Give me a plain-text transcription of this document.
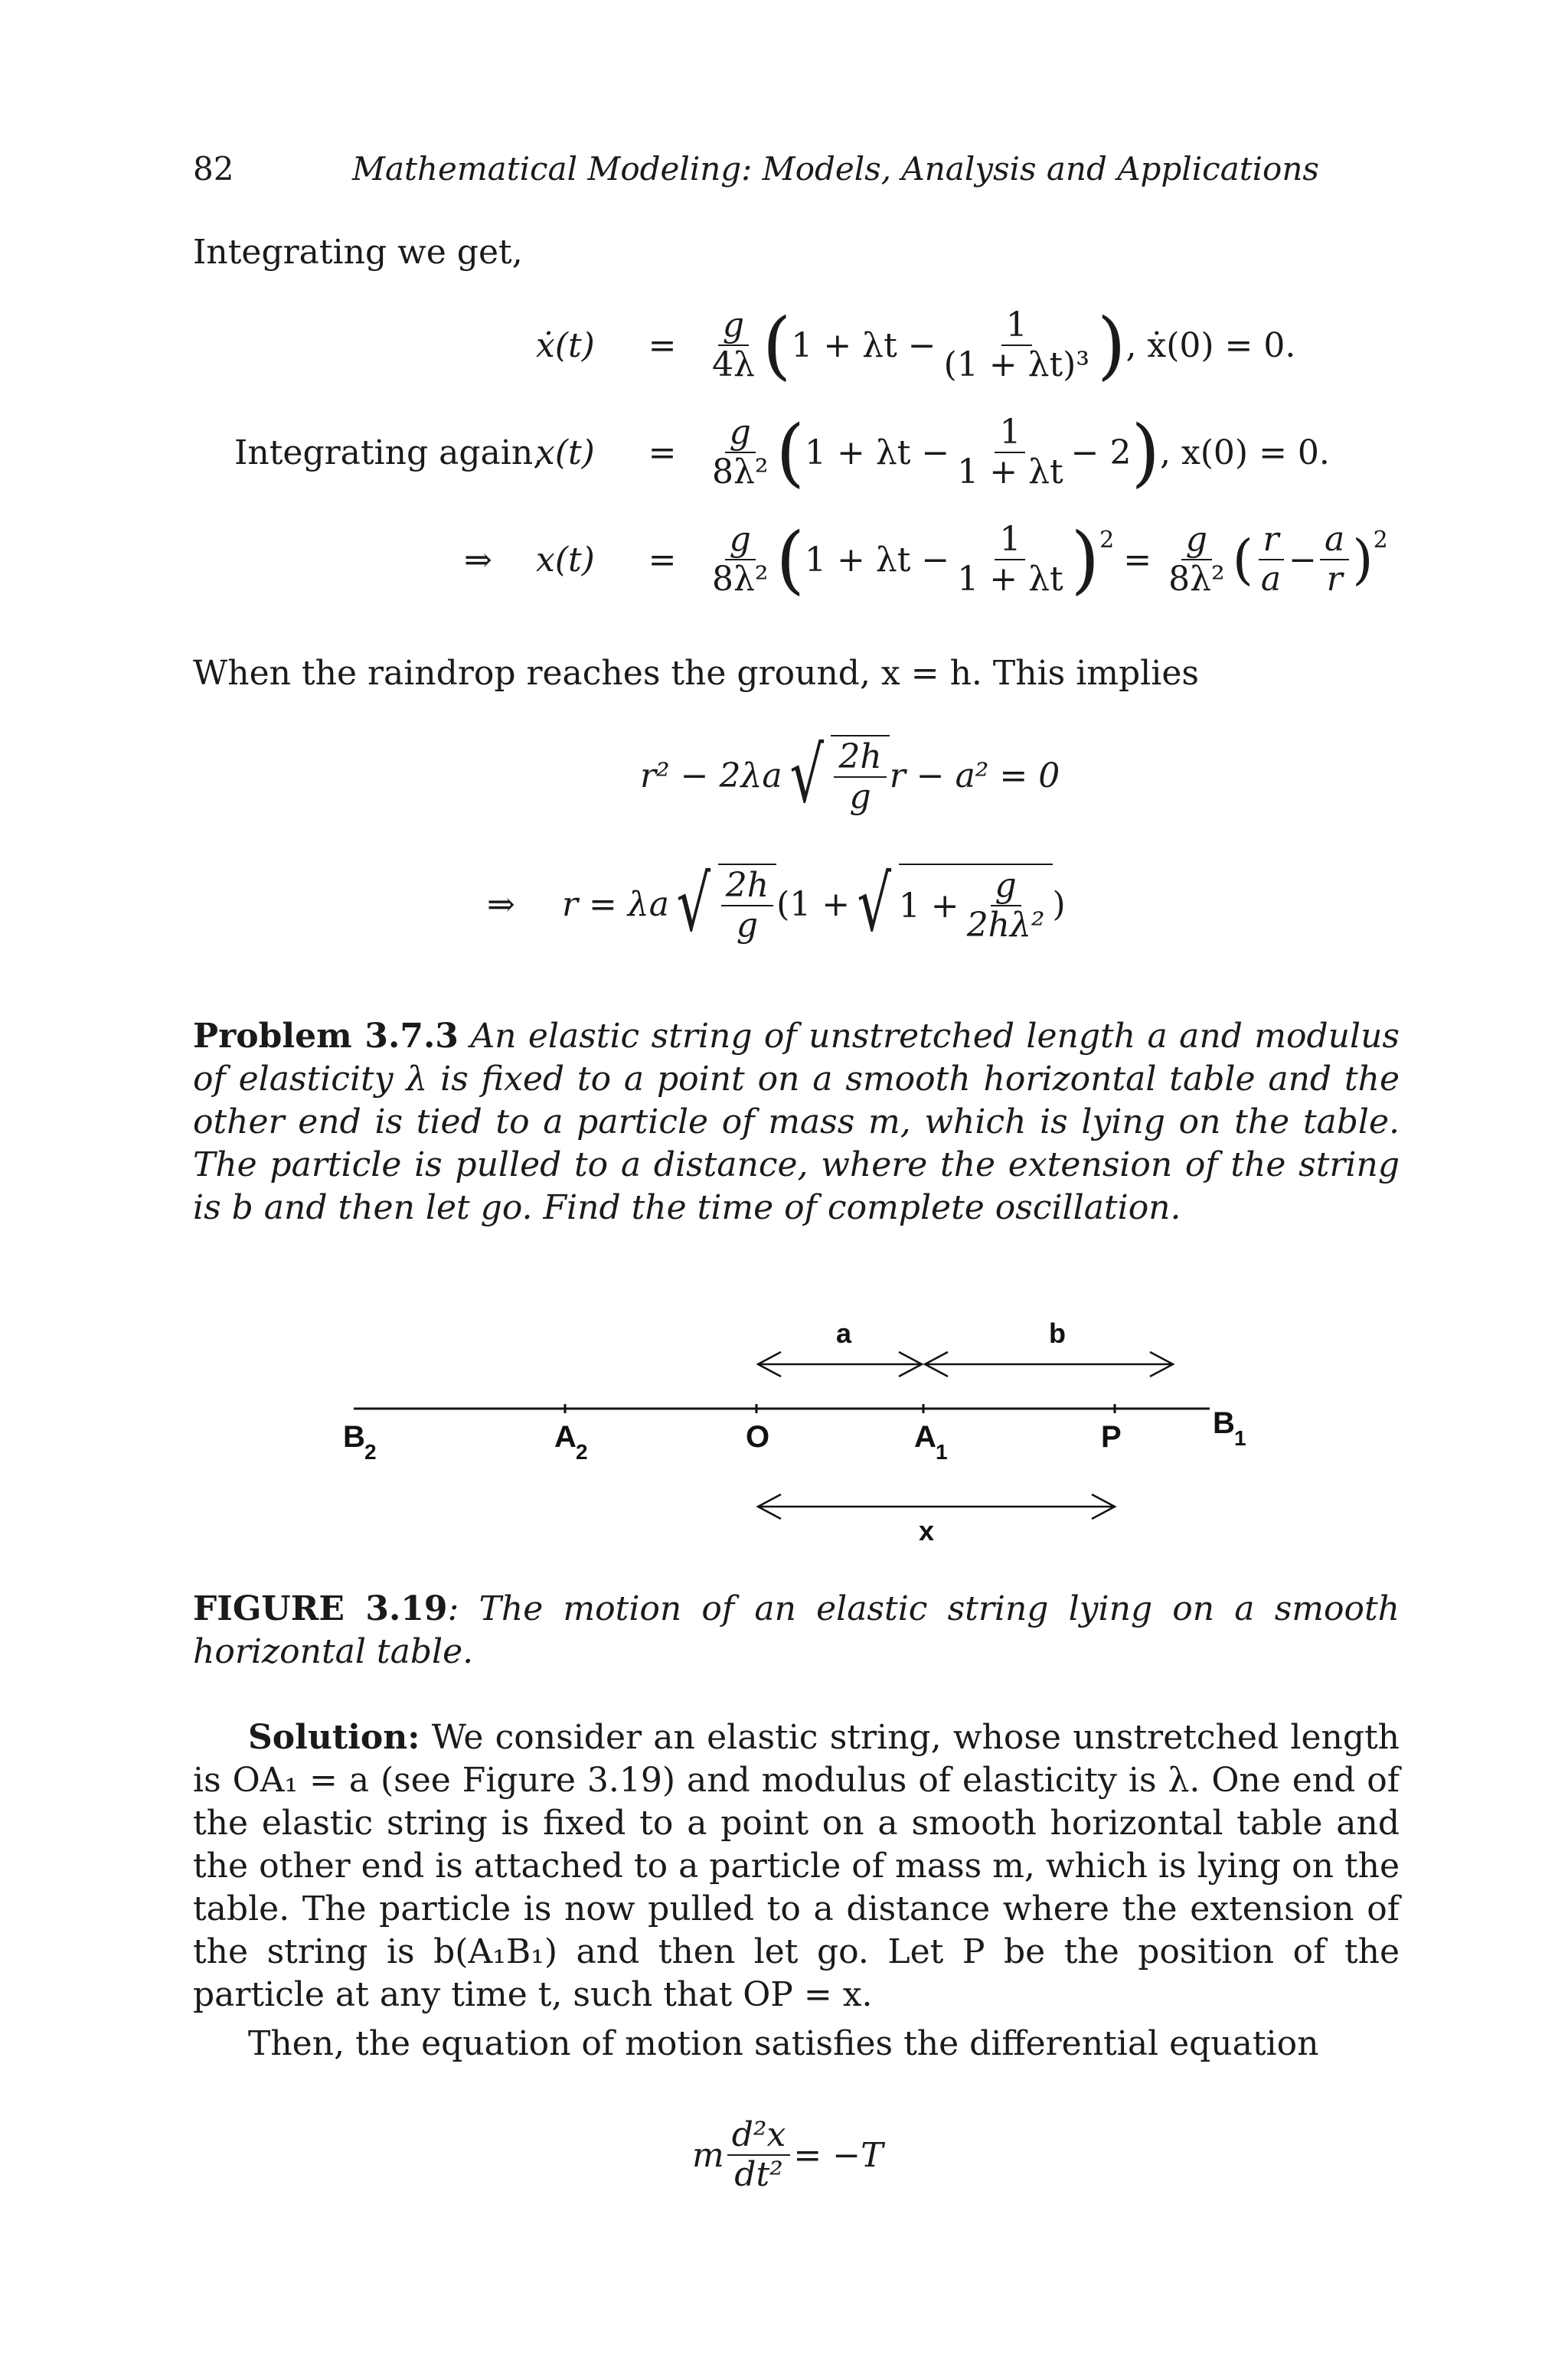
82	Mathematical Modeling: Models, Analysis and Applications
Integrating we get,
ẋ(t)	= $\frac{g}{4\lambda}$ ( $1 + \lambda t - \frac{1}{\text{(1 + λt)³}}$ ) , ẋ(0) = 0.
Integrating again,
x(t)	= $\frac{g}{\text{8λ²}}$ ( $1 + \lambda t - \frac{1}{1 + \lambda t} - 2$ ) , x(0) = 0.
⇒	x(t)	= $\frac{g}{\text{8λ²}}$ ( $1 + \lambda t - \frac{1}{1 + \lambda t} )^2 = \frac{g}{\text{8λ²}}$ ( $\frac{r}{a} - \frac{a}{r} )^2$
When the raindrop reaches the ground, x = h. This implies
r² − 2λa √ $\frac{2h}{g}$ r − a² = 0
⇒	r = λa √ $\frac{2h}{g} (1$ + √ $1 + \frac{g}{\text{2hλ²}}$ )
Problem 3.7.3 An elastic string of unstretched length a and modulus of elasticity λ is fixed to a point on a smooth horizontal table and the other end is tied to a particle of mass m, which is lying on the table. The particle is pulled to a distance, where the extension of the string is b and then let go. Find the time of complete oscillation.
a	b
x
B 2	A 2	O	A 1	P	B 1
FIGURE 3.19: The motion of an elastic string lying on a smooth horizontal table.
Solution: We consider an elastic string, whose unstretched length is OA₁ = a (see Figure 3.19) and modulus of elasticity is λ. One end of the elastic string is fixed to a point on a smooth horizontal table and the other end is attached to a particle of mass m, which is lying on the table. The particle is now pulled to a distance where the extension of the string is b(A₁B₁) and then let go. Let P be the position of the particle at any time t, such that OP = x.
Then, the equation of motion satisfies the differential equation
m $\frac{\text{d²x}}{\text{dt²}} = -T$
